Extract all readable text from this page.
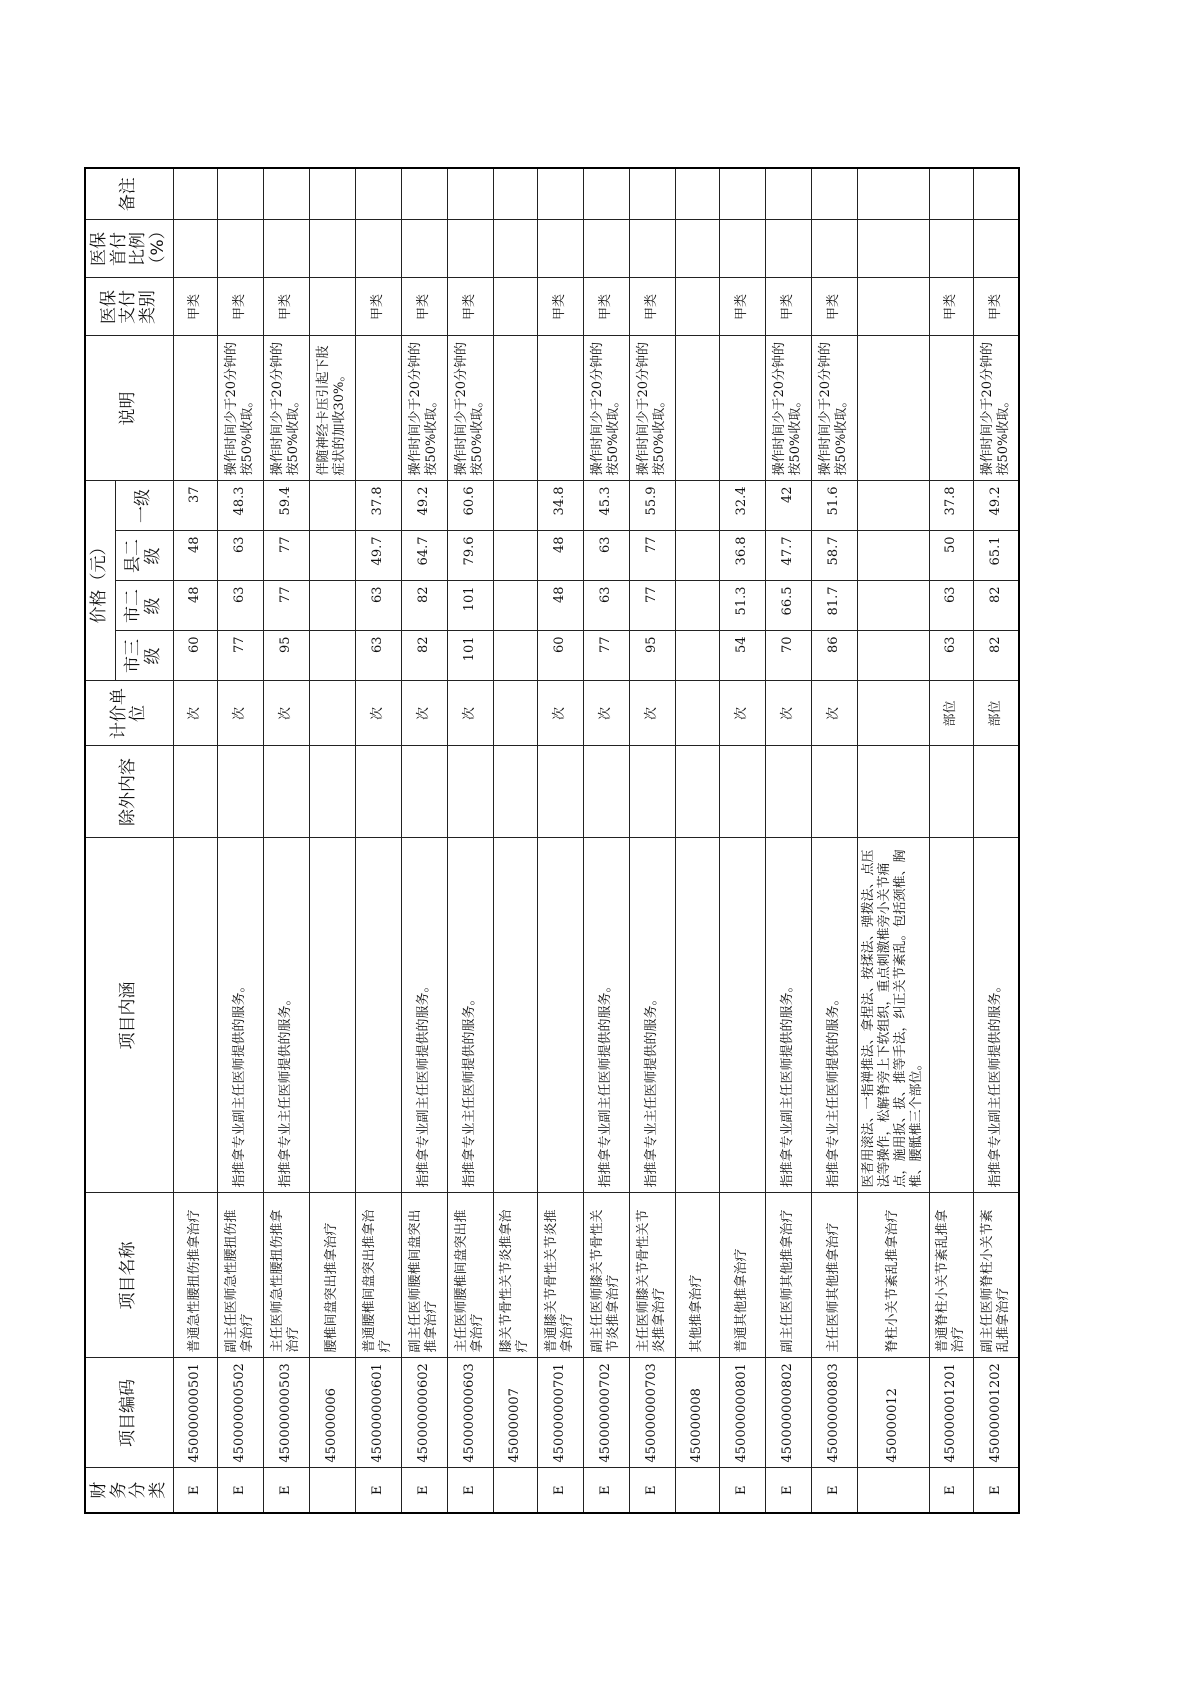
财务分类	项目编码	项目名称	项目内涵	除外内容	计价单位	价格（元）				说明	医保支付类别	医保首付比例（%）	备注
						市三级	市二级	县二级	一级				
E	450000000501	普通急性腰扭伤推拿治疗			次	60	48	48	37		甲类		
E	450000000502	副主任医师急性腰扭伤推拿治疗	指推拿专业副主任医师提供的服务。		次	77	63	63	48.3	操作时间少于20分钟的按50%收取。	甲类		
E	450000000503	主任医师急性腰扭伤推拿治疗	指推拿专业主任医师提供的服务。		次	95	77	77	59.4	操作时间少于20分钟的按50%收取。	甲类		
	450000006	腰椎间盘突出推拿治疗								伴随神经卡压引起下肢症状的加收30%。			
E	450000000601	普通腰椎间盘突出推拿治疗			次	63	63	49.7	37.8		甲类		
E	450000000602	副主任医师腰椎间盘突出推拿治疗	指推拿专业副主任医师提供的服务。		次	82	82	64.7	49.2	操作时间少于20分钟的按50%收取。	甲类		
E	450000000603	主任医师腰椎间盘突出推拿治疗	指推拿专业主任医师提供的服务。		次	101	101	79.6	60.6	操作时间少于20分钟的按50%收取。	甲类		
	450000007	膝关节骨性关节炎推拿治疗											
E	450000000701	普通膝关节骨性关节炎推拿治疗			次	60	48	48	34.8		甲类		
E	450000000702	副主任医师膝关节骨性关节炎推拿治疗	指推拿专业副主任医师提供的服务。		次	77	63	63	45.3	操作时间少于20分钟的按50%收取。	甲类		
E	450000000703	主任医师膝关节骨性关节炎推拿治疗	指推拿专业主任医师提供的服务。		次	95	77	77	55.9	操作时间少于20分钟的按50%收取。	甲类		
	450000008	其他推拿治疗											
E	450000000801	普通其他推拿治疗			次	54	51.3	36.8	32.4		甲类		
E	450000000802	副主任医师其他推拿治疗	指推拿专业副主任医师提供的服务。		次	70	66.5	47.7	42	操作时间少于20分钟的按50%收取。	甲类		
E	450000000803	主任医师其他推拿治疗	指推拿专业主任医师提供的服务。		次	86	81.7	58.7	51.6	操作时间少于20分钟的按50%收取。	甲类		
	450000012	脊柱小关节紊乱推拿治疗	医者用滚法、一指禅推法、拿捏法、按揉法、弹拨法、点压法等操作，松解脊旁上下软组织，重点刺激椎旁小关节痛点，施用扳、拔、推等手法，纠正关节紊乱。包括颈椎、胸椎、腰骶椎三个部位。										
E	450000001201	普通脊柱小关节紊乱推拿治疗			部位	63	63	50	37.8		甲类		
E	450000001202	副主任医师脊柱小关节紊乱推拿治疗	指推拿专业副主任医师提供的服务。		部位	82	82	65.1	49.2	操作时间少于20分钟的按50%收取。	甲类		
